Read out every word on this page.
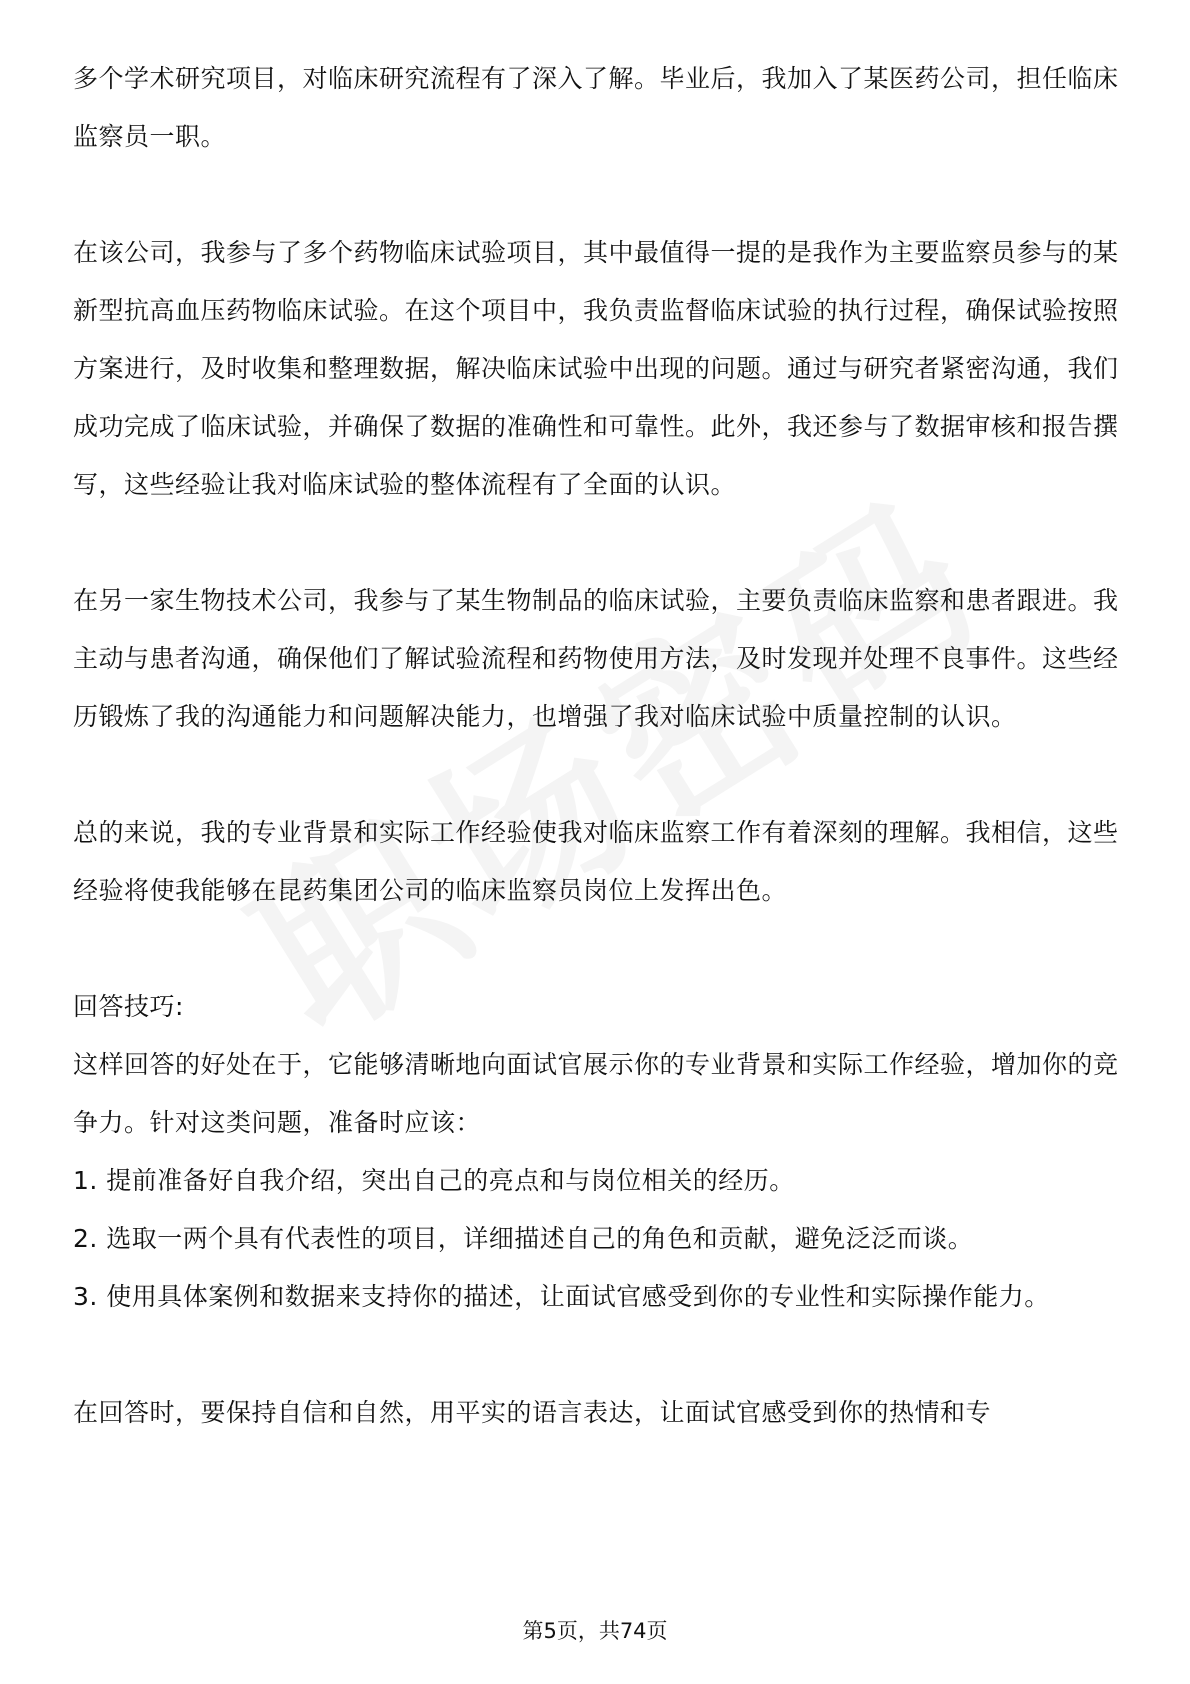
多个学术研究项目，对临床研究流程有了深入了解。毕业后，我加入了某医药公司，担任临床监察员一职。

在该公司，我参与了多个药物临床试验项目，其中最值得一提的是我作为主要监察员参与的某新型抗高血压药物临床试验。在这个项目中，我负责监督临床试验的执行过程，确保试验按照方案进行，及时收集和整理数据，解决临床试验中出现的问题。通过与研究者紧密沟通，我们成功完成了临床试验，并确保了数据的准确性和可靠性。此外，我还参与了数据审核和报告撰写，这些经验让我对临床试验的整体流程有了全面的认识。

在另一家生物技术公司，我参与了某生物制品的临床试验，主要负责临床监察和患者跟进。我主动与患者沟通，确保他们了解试验流程和药物使用方法，及时发现并处理不良事件。这些经历锻炼了我的沟通能力和问题解决能力，也增强了我对临床试验中质量控制的认识。

总的来说，我的专业背景和实际工作经验使我对临床监察工作有着深刻的理解。我相信，这些经验将使我能够在昆药集团公司的临床监察员岗位上发挥出色。

回答技巧:

这样回答的好处在于，它能够清晰地向面试官展示你的专业背景和实际工作经验，增加你的竞争力。针对这类问题，准备时应该：

1. 提前准备好自我介绍，突出自己的亮点和与岗位相关的经历。

2. 选取一两个具有代表性的项目，详细描述自己的角色和贡献，避免泛泛而谈。

3. 使用具体案例和数据来支持你的描述，让面试官感受到你的专业性和实际操作能力。

在回答时，要保持自信和自然，用平实的语言表达，让面试官感受到你的热情和专

第5页，共74页
